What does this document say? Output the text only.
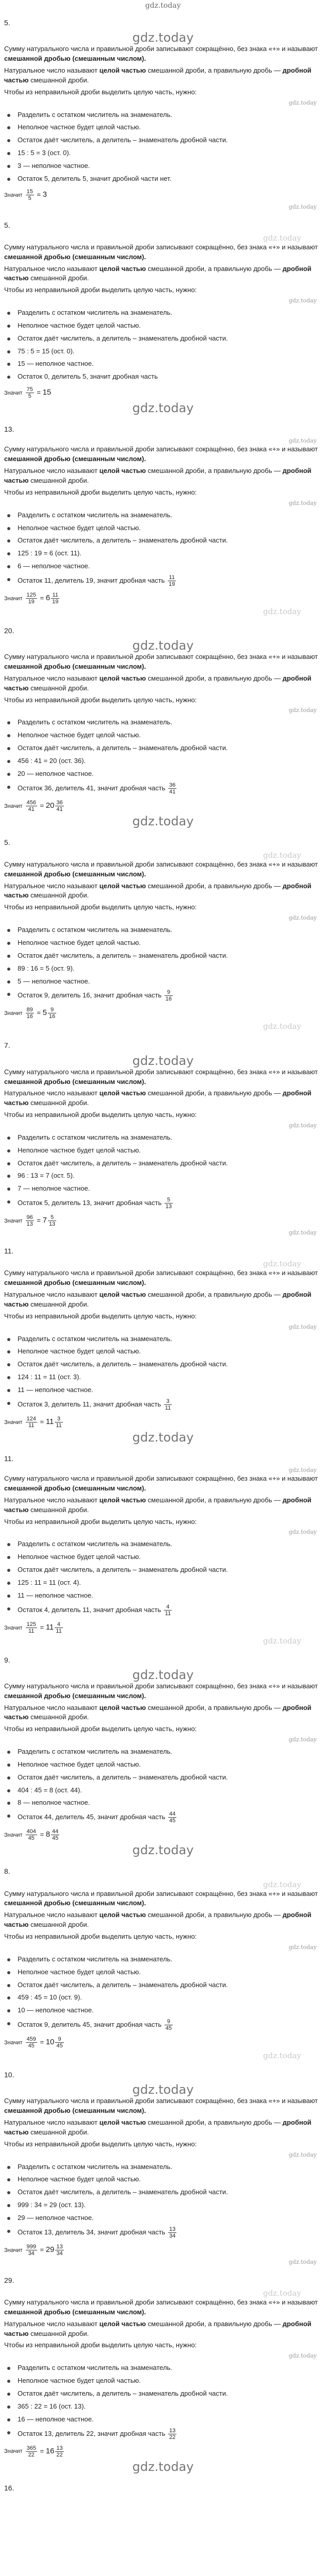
gdz.today
5.
gdz.today

Сумму натурального числа и правильной дроби записывают сокращённо, без знака «+» и называют смешанной дробью (смешанным числом).

Натуральное число называют целой частью смешанной дроби, а правильную дробь — дробной частью смешанной дроби.

Чтобы из неправильной дроби выделить целую часть, нужно:

gdz.today
Разделить с остатком числитель на знаменатель.
Неполное частное будет целой частью.
Остаток даёт числитель, а делитель – знаменатель дробной части.
15 : 5 = 3 (ост. 0).
3 — неполное частное.
Остаток 5, делитель 5, значит дробной части нет.
Значит $\frac{15}{5} = 3$
gdz.today
5.
gdz.today

Сумму натурального числа и правильной дроби записывают сокращённо, без знака «+» и называют смешанной дробью (смешанным числом).

Натуральное число называют целой частью смешанной дроби, а правильную дробь — дробной частью смешанной дроби.

Чтобы из неправильной дроби выделить целую часть, нужно:

gdz.today
Разделить с остатком числитель на знаменатель.
Неполное частное будет целой частью.
Остаток даёт числитель, а делитель – знаменатель дробной части.
75 : 5 = 15 (ост. 0).
15 — неполное частное.
Остаток 0, делитель 5, значит дробная часть
Значит $\frac{75}{5} = 15$
gdz.today
13.
gdz.today

Сумму натурального числа и правильной дроби записывают сокращённо, без знака «+» и называют смешанной дробью (смешанным числом).

Натуральное число называют целой частью смешанной дроби, а правильную дробь — дробной частью смешанной дроби.

Чтобы из неправильной дроби выделить целую часть, нужно:

gdz.today
Разделить с остатком числитель на знаменатель.
Неполное частное будет целой частью.
Остаток даёт числитель, а делитель – знаменатель дробной части.
125 : 19 = 6 (ост. 11).
6 — неполное частное.
Остаток 11, делитель 19, значит дробная часть $\frac{11}{19}$
Значит $\frac{125}{19} = 6 \frac{11}{19}$
gdz.today
20.
gdz.today

Сумму натурального числа и правильной дроби записывают сокращённо, без знака «+» и называют смешанной дробью (смешанным числом).

Натуральное число называют целой частью смешанной дроби, а правильную дробь — дробной частью смешанной дроби.

Чтобы из неправильной дроби выделить целую часть, нужно:

gdz.today
Разделить с остатком числитель на знаменатель.
Неполное частное будет целой частью.
Остаток даёт числитель, а делитель – знаменатель дробной части.
456 : 41 = 20 (ост. 36).
20 — неполное частное.
Остаток 36, делитель 41, значит дробная часть $\frac{36}{41}$
Значит $\frac{456}{41} = 20 \frac{36}{41}$
gdz.today
5.
gdz.today

Сумму натурального числа и правильной дроби записывают сокращённо, без знака «+» и называют смешанной дробью (смешанным числом).

Натуральное число называют целой частью смешанной дроби, а правильную дробь — дробной частью смешанной дроби.

Чтобы из неправильной дроби выделить целую часть, нужно:

gdz.today
Разделить с остатком числитель на знаменатель.
Неполное частное будет целой частью.
Остаток даёт числитель, а делитель – знаменатель дробной части.
89 : 16 = 5 (ост. 9).
5 — неполное частное.
Остаток 9, делитель 16, значит дробная часть $\frac{9}{16}$
Значит $\frac{89}{16} = 5 \frac{9}{16}$
gdz.today
7.
gdz.today

Сумму натурального числа и правильной дроби записывают сокращённо, без знака «+» и называют смешанной дробью (смешанным числом).

Натуральное число называют целой частью смешанной дроби, а правильную дробь — дробной частью смешанной дроби.

Чтобы из неправильной дроби выделить целую часть, нужно:

gdz.today
Разделить с остатком числитель на знаменатель.
Неполное частное будет целой частью.
Остаток даёт числитель, а делитель – знаменатель дробной части.
96 : 13 = 7 (ост. 5).
7 — неполное частное.
Остаток 5, делитель 13, значит дробная часть $\frac{5}{13}$
Значит $\frac{96}{13} = 7 \frac{5}{13}$
gdz.today
11.
gdz.today

Сумму натурального числа и правильной дроби записывают сокращённо, без знака «+» и называют смешанной дробью (смешанным числом).

Натуральное число называют целой частью смешанной дроби, а правильную дробь — дробной частью смешанной дроби.

Чтобы из неправильной дроби выделить целую часть, нужно:

gdz.today
Разделить с остатком числитель на знаменатель.
Неполное частное будет целой частью.
Остаток даёт числитель, а делитель – знаменатель дробной части.
124 : 11 = 11 (ост. 3).
11 — неполное частное.
Остаток 3, делитель 11, значит дробная часть $\frac{3}{11}$
Значит $\frac{124}{11} = 11 \frac{3}{11}$
gdz.today
11.
gdz.today

Сумму натурального числа и правильной дроби записывают сокращённо, без знака «+» и называют смешанной дробью (смешанным числом).

Натуральное число называют целой частью смешанной дроби, а правильную дробь — дробной частью смешанной дроби.

Чтобы из неправильной дроби выделить целую часть, нужно:

gdz.today
Разделить с остатком числитель на знаменатель.
Неполное частное будет целой частью.
Остаток даёт числитель, а делитель – знаменатель дробной части.
125 : 11 = 11 (ост. 4).
11 — неполное частное.
Остаток 4, делитель 11, значит дробная часть $\frac{4}{11}$
Значит $\frac{125}{11} = 11 \frac{4}{11}$
gdz.today
9.
gdz.today

Сумму натурального числа и правильной дроби записывают сокращённо, без знака «+» и называют смешанной дробью (смешанным числом).

Натуральное число называют целой частью смешанной дроби, а правильную дробь — дробной частью смешанной дроби.

Чтобы из неправильной дроби выделить целую часть, нужно:

gdz.today
Разделить с остатком числитель на знаменатель.
Неполное частное будет целой частью.
Остаток даёт числитель, а делитель – знаменатель дробной части.
404 : 45 = 8 (ост. 44).
8 — неполное частное.
Остаток 44, делитель 45, значит дробная часть $\frac{44}{45}$
Значит $\frac{404}{45} = 8 \frac{44}{45}$
gdz.today
8.
gdz.today

Сумму натурального числа и правильной дроби записывают сокращённо, без знака «+» и называют смешанной дробью (смешанным числом).

Натуральное число называют целой частью смешанной дроби, а правильную дробь — дробной частью смешанной дроби.

Чтобы из неправильной дроби выделить целую часть, нужно:

gdz.today
Разделить с остатком числитель на знаменатель.
Неполное частное будет целой частью.
Остаток даёт числитель, а делитель – знаменатель дробной части.
459 : 45 = 10 (ост. 9).
10 — неполное частное.
Остаток 9, делитель 45, значит дробная часть $\frac{9}{45}$
Значит $\frac{459}{45} = 10 \frac{9}{45}$
gdz.today
10.
gdz.today

Сумму натурального числа и правильной дроби записывают сокращённо, без знака «+» и называют смешанной дробью (смешанным числом).

Натуральное число называют целой частью смешанной дроби, а правильную дробь — дробной частью смешанной дроби.

Чтобы из неправильной дроби выделить целую часть, нужно:

gdz.today
Разделить с остатком числитель на знаменатель.
Неполное частное будет целой частью.
Остаток даёт числитель, а делитель – знаменатель дробной части.
999 : 34 = 29 (ост. 13).
29 — неполное частное.
Остаток 13, делитель 34, значит дробная часть $\frac{13}{34}$
Значит $\frac{999}{34} = 29 \frac{13}{34}$
gdz.today
29.
gdz.today

Сумму натурального числа и правильной дроби записывают сокращённо, без знака «+» и называют смешанной дробью (смешанным числом).

Натуральное число называют целой частью смешанной дроби, а правильную дробь — дробной частью смешанной дроби.

Чтобы из неправильной дроби выделить целую часть, нужно:

gdz.today
Разделить с остатком числитель на знаменатель.
Неполное частное будет целой частью.
Остаток даёт числитель, а делитель – знаменатель дробной части.
365 : 22 = 16 (ост. 13).
16 — неполное частное.
Остаток 13, делитель 22, значит дробная часть $\frac{13}{22}$
Значит $\frac{365}{22} = 16 \frac{13}{22}$
gdz.today
16.
